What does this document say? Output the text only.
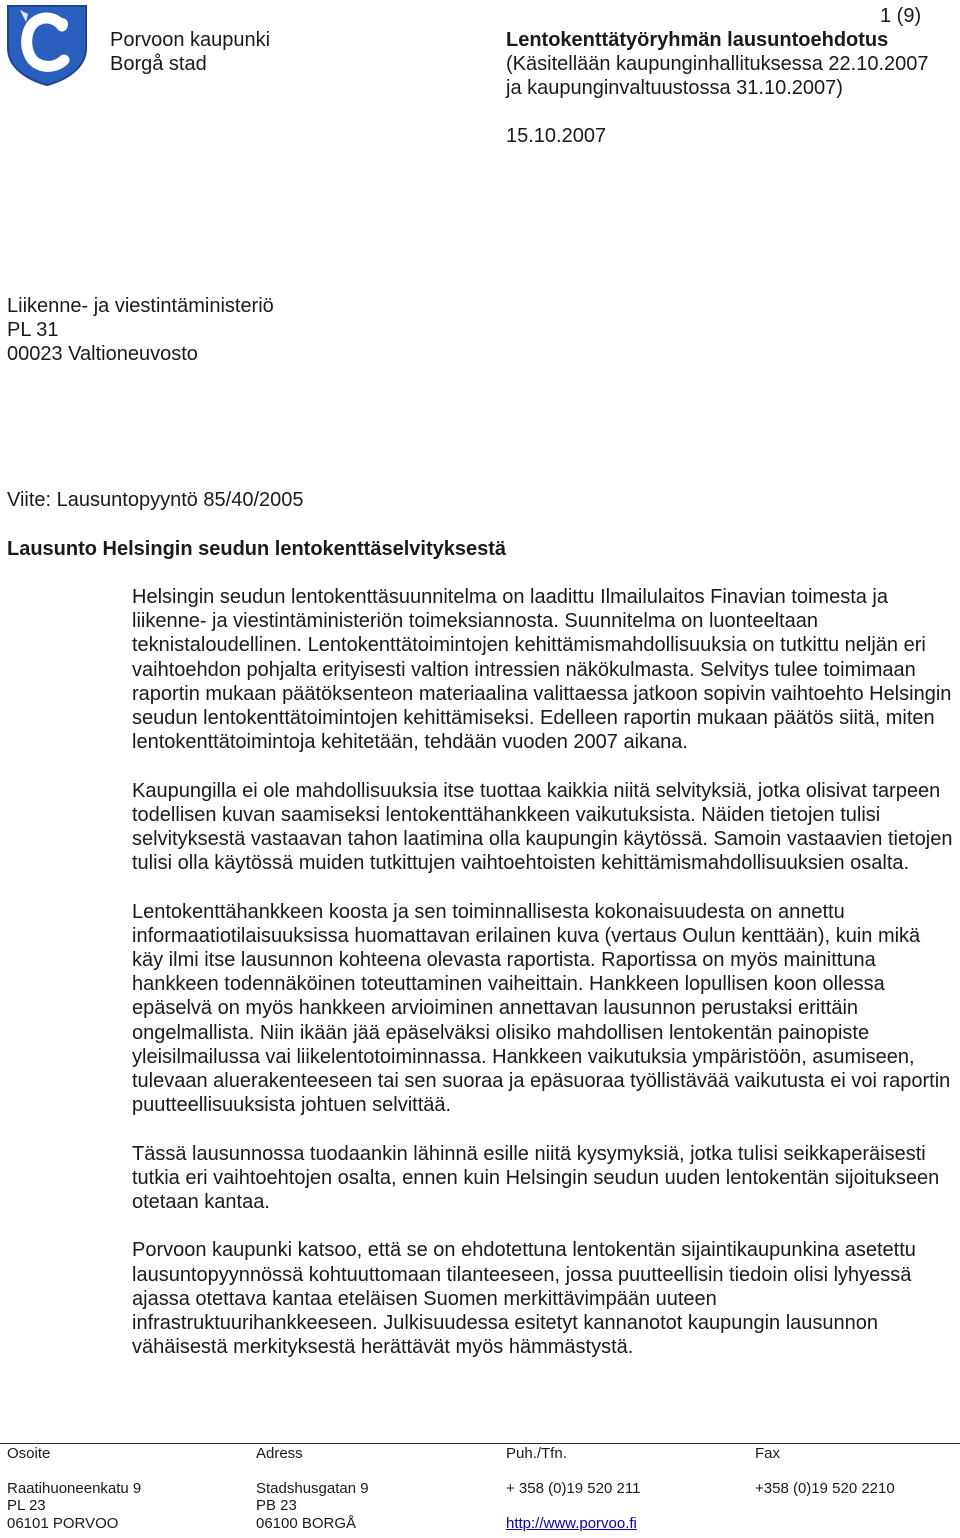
Porvoon kaupunki
Borgå stad
1 (9)
Lentokenttätyöryhmän lausuntoehdotus
(Käsitellään kaupunginhallituksessa 22.10.2007
ja kaupunginvaltuustossa 31.10.2007)
15.10.2007
Liikenne- ja viestintäministeriö
PL 31
00023 Valtioneuvosto
Viite: Lausuntopyyntö 85/40/2005
Lausunto Helsingin seudun lentokenttäselvityksestä

Helsingin seudun lentokenttäsuunnitelma on laadittu Ilmailulaitos Finavian toimesta ja liikenne- ja viestintäministeriön toimeksiannosta. Suunnitelma on luonteeltaan teknistaloudellinen. Lentokenttätoimintojen kehittämismahdollisuuksia on tutkittu neljän eri vaihtoehdon pohjalta erityisesti valtion intressien näkökulmasta. Selvitys tulee toimimaan raportin mukaan päätöksenteon materiaalina valittaessa jatkoon sopivin vaihtoehto Helsingin seudun lentokenttätoimintojen kehittämiseksi. Edelleen raportin mukaan päätös siitä, miten lentokenttätoimintoja kehitetään, tehdään vuoden 2007 aikana.

Kaupungilla ei ole mahdollisuuksia itse tuottaa kaikkia niitä selvityksiä, jotka olisivat tarpeen todellisen kuvan saamiseksi lentokenttähankkeen vaikutuksista. Näiden tietojen tulisi selvityksestä vastaavan tahon laatimina olla kaupungin käytössä. Samoin vastaavien tietojen tulisi olla käytössä muiden tutkittujen vaihtoehtoisten kehittämismahdollisuuksien osalta.

Lentokenttähankkeen koosta ja sen toiminnallisesta kokonaisuudesta on annettu informaatiotilaisuuksissa huomattavan erilainen kuva (vertaus Oulun kenttään), kuin mikä käy ilmi itse lausunnon kohteena olevasta raportista. Raportissa on myös mainittuna hankkeen todennäköinen toteuttaminen vaiheittain. Hankkeen lopullisen koon ollessa epäselvä on myös hankkeen arvioiminen annettavan lausunnon perustaksi erittäin ongelmallista. Niin ikään jää epäselväksi olisiko mahdollisen lentokentän painopiste yleisilmailussa vai liikelentotoiminnassa. Hankkeen vaikutuksia ympäristöön, asumiseen, tulevaan aluerakenteeseen tai sen suoraa ja epäsuoraa työllistävää vaikutusta ei voi raportin puutteellisuuksista johtuen selvittää.

Tässä lausunnossa tuodaankin lähinnä esille niitä kysymyksiä, jotka tulisi seikkaperäisesti tutkia eri vaihtoehtojen osalta, ennen kuin Helsingin seudun uuden lentokentän sijoitukseen otetaan kantaa.

Porvoon kaupunki katsoo, että se on ehdotettuna lentokentän sijaintikaupunkina asetettu lausuntopyynnössä kohtuuttomaan tilanteeseen, jossa puutteellisin tiedoin olisi lyhyessä ajassa otettava kantaa eteläisen Suomen merkittävimpään uuteen infrastruktuurihankkeeseen. Julkisuudessa esitetyt kannanotot kaupungin lausunnon vähäisestä merkityksestä herättävät myös hämmästystä.

Osoite
Raatihuoneenkatu 9
PL 23
06101 PORVOO
Adress
Stadshusgatan 9
PB 23
06100 BORGÅ
Puh./Tfn.
+ 358 (0)19 520 211

http://www.porvoo.fi
Fax
+358 (0)19 520 2210
